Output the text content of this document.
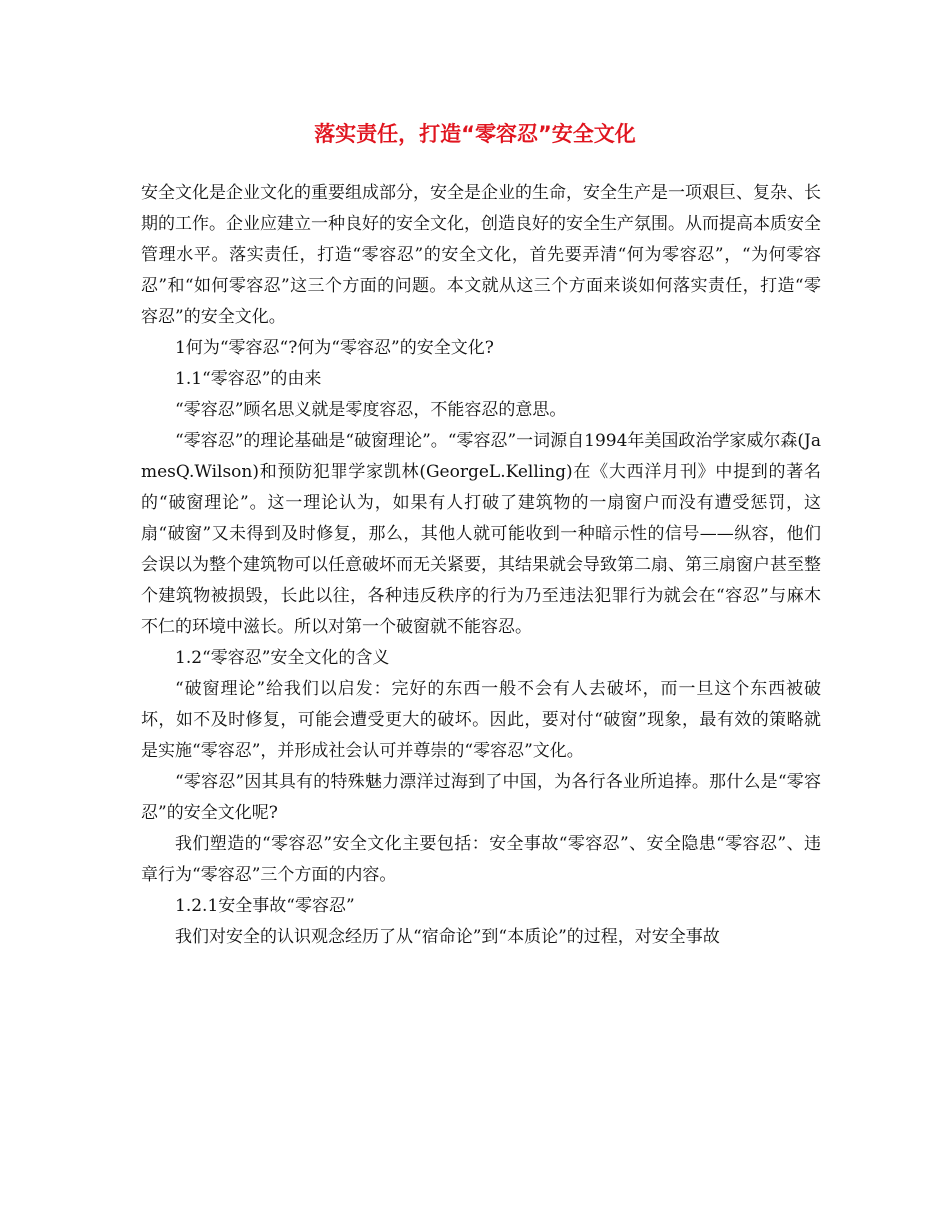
落实责任，打造“零容忍”安全文化

安全文化是企业文化的重要组成部分，安全是企业的生命，安全生产是一项艰巨、复杂、长期的工作。企业应建立一种良好的安全文化，创造良好的安全生产氛围。从而提高本质安全管理水平。落实责任，打造“零容忍”的安全文化，首先要弄清“何为零容忍”，“为何零容忍”和“如何零容忍”这三个方面的问题。本文就从这三个方面来谈如何落实责任，打造“零容忍”的安全文化。

1何为“零容忍“?何为“零容忍”的安全文化?

1.1“零容忍”的由来

“零容忍”顾名思义就是零度容忍，不能容忍的意思。

“零容忍”的理论基础是“破窗理论”。“零容忍”一词源自1994年美国政治学家威尔森(JamesQ.Wilson)和预防犯罪学家凯林(GeorgeL.Kelling)在《大西洋月刊》中提到的著名的“破窗理论”。这一理论认为，如果有人打破了建筑物的一扇窗户而没有遭受惩罚，这扇“破窗”又未得到及时修复，那么，其他人就可能收到一种暗示性的信号——纵容，他们会误以为整个建筑物可以任意破坏而无关紧要，其结果就会导致第二扇、第三扇窗户甚至整个建筑物被损毁，长此以往，各种违反秩序的行为乃至违法犯罪行为就会在“容忍”与麻木不仁的环境中滋长。所以对第一个破窗就不能容忍。

1.2“零容忍”安全文化的含义

“破窗理论”给我们以启发：完好的东西一般不会有人去破坏，而一旦这个东西被破坏，如不及时修复，可能会遭受更大的破坏。因此，要对付“破窗”现象，最有效的策略就是实施“零容忍”，并形成社会认可并尊崇的“零容忍”文化。

“零容忍”因其具有的特殊魅力漂洋过海到了中国，为各行各业所追捧。那什么是“零容忍”的安全文化呢?

我们塑造的“零容忍”安全文化主要包括：安全事故“零容忍”、安全隐患“零容忍”、违章行为“零容忍”三个方面的内容。

1.2.1安全事故“零容忍”

我们对安全的认识观念经历了从“宿命论”到“本质论”的过程，对安全事故
